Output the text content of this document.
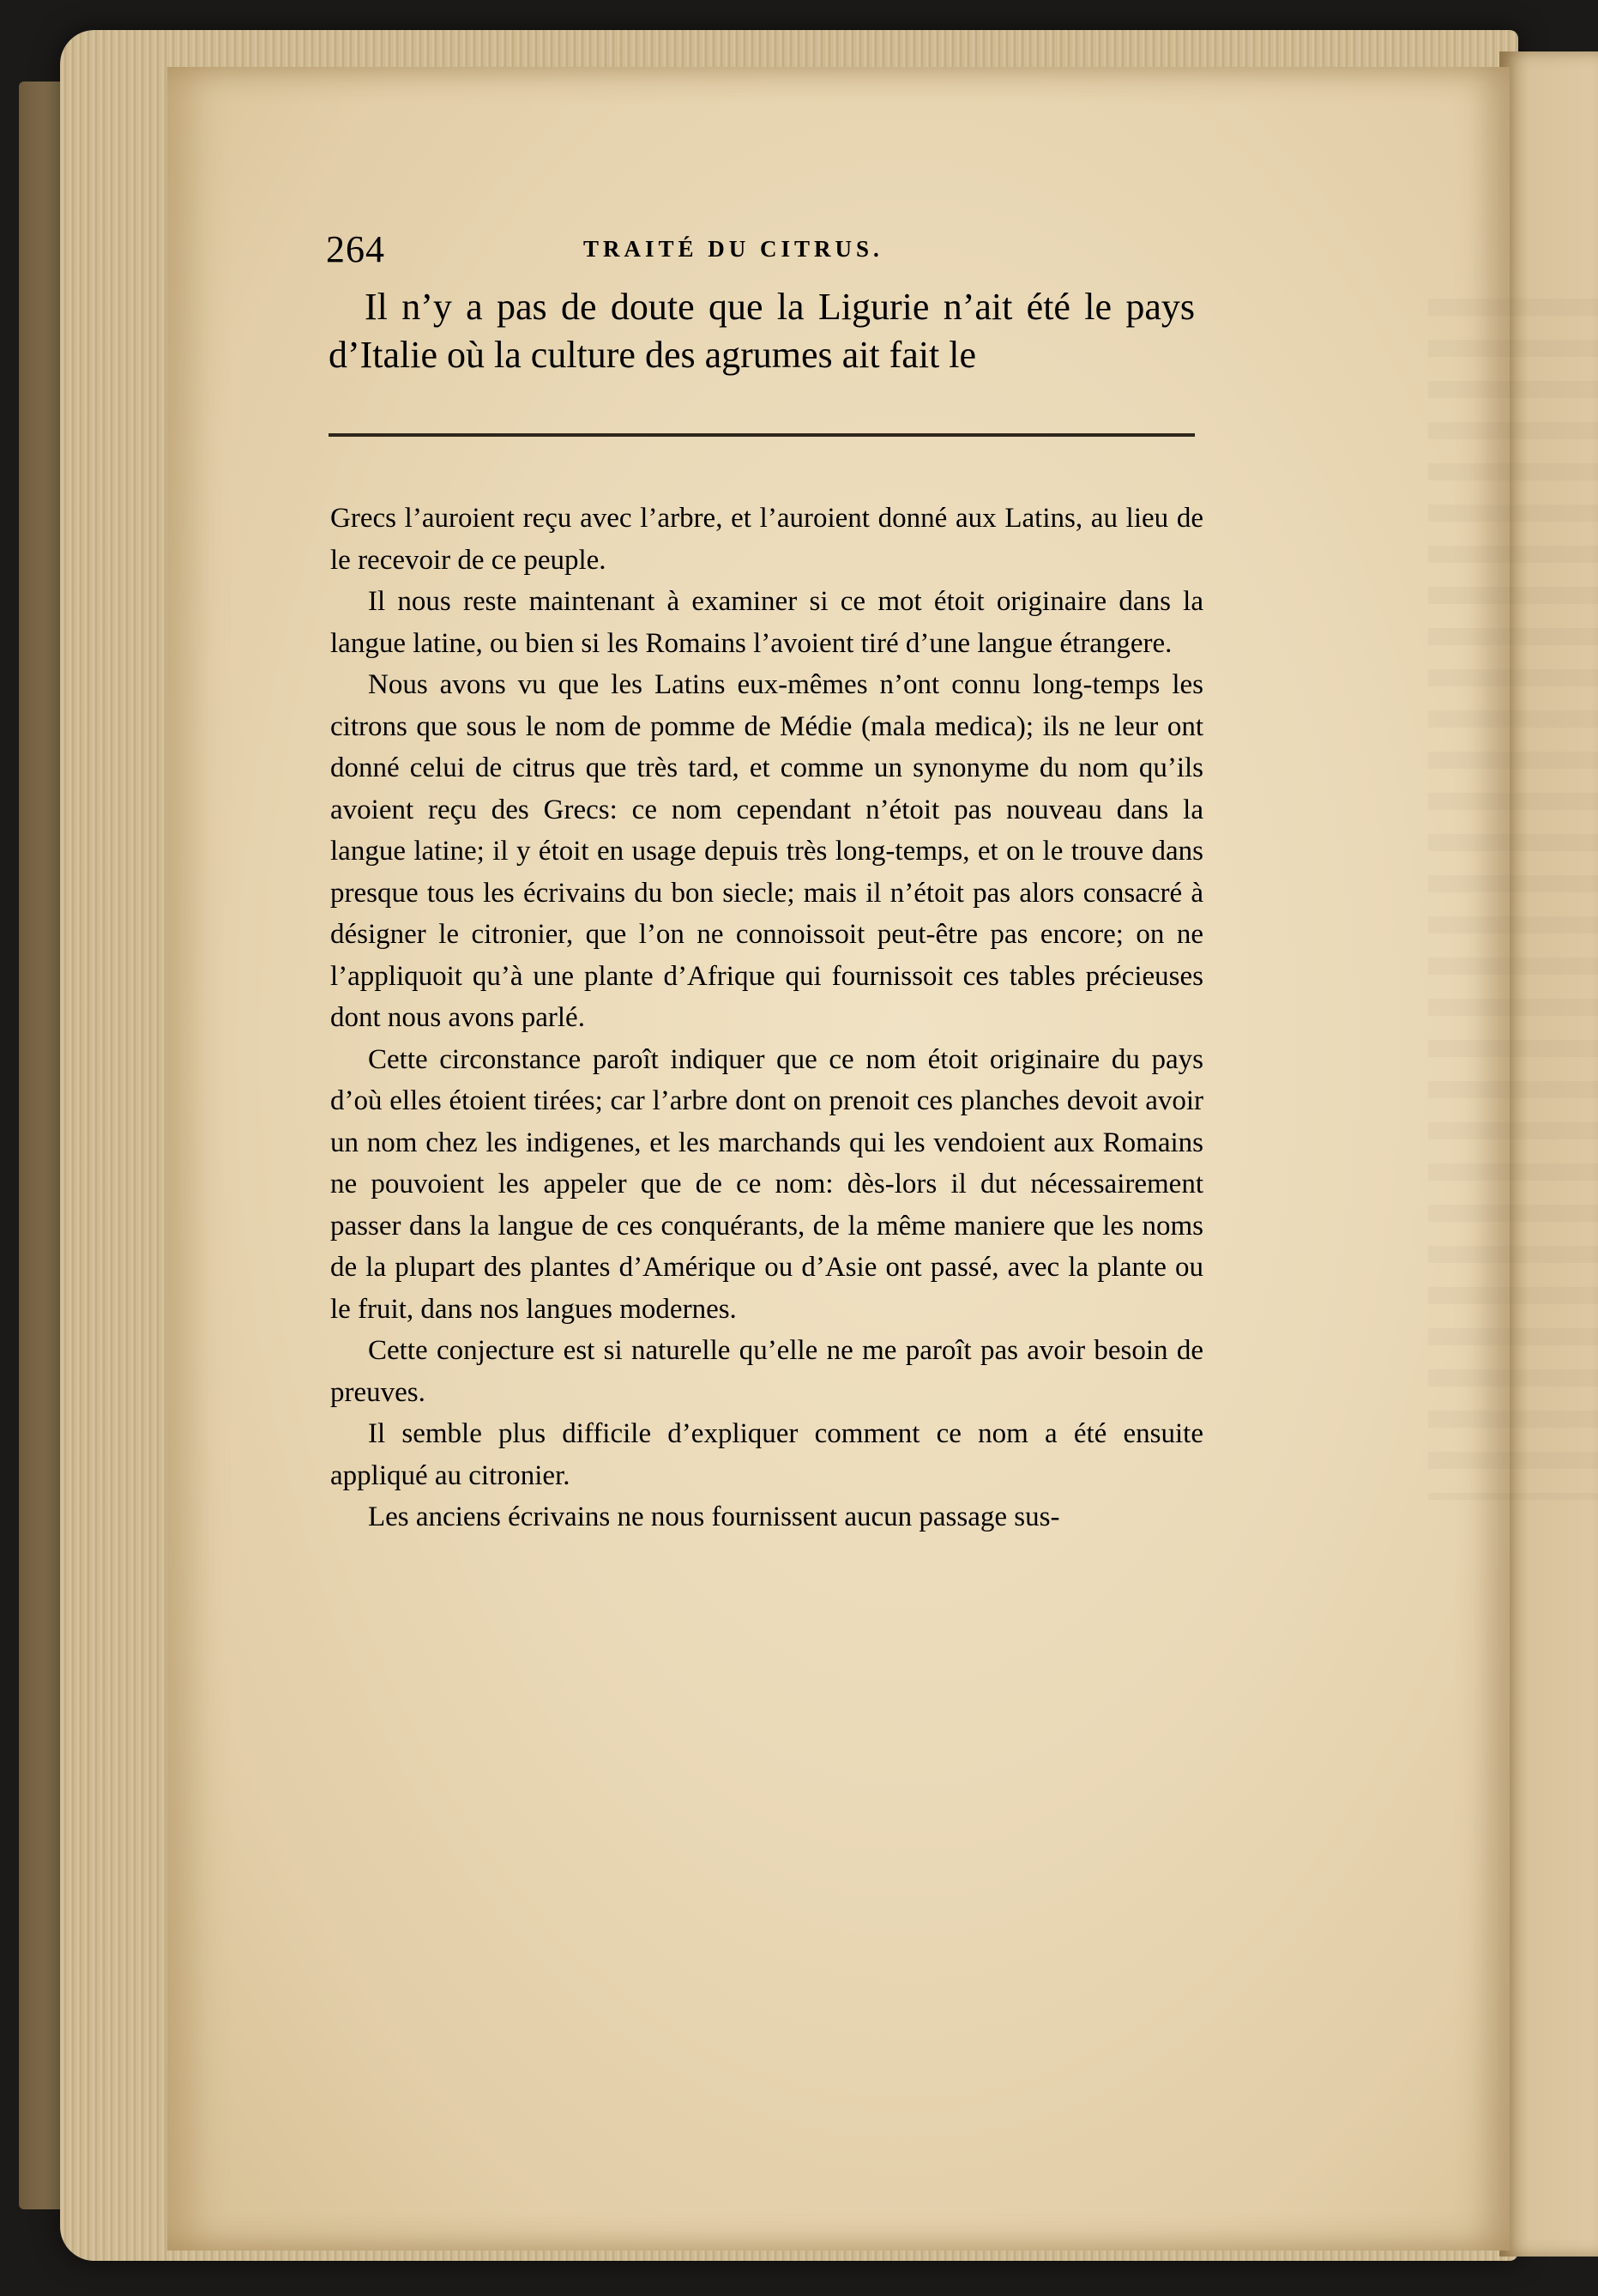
264	TRAITÉ DU CITRUS.

Il n’y a pas de doute que la Ligurie n’ait été le pays d’Italie où la culture des agrumes ait fait le

Grecs l’auroient reçu avec l’arbre, et l’auroient donné aux Latins, au lieu de le recevoir de ce peuple.

Il nous reste maintenant à examiner si ce mot étoit originaire dans la langue latine, ou bien si les Romains l’avoient tiré d’une langue étrangere.

Nous avons vu que les Latins eux-mêmes n’ont connu long-temps les citrons que sous le nom de pomme de Médie (mala medica); ils ne leur ont donné celui de citrus que très tard, et comme un synonyme du nom qu’ils avoient reçu des Grecs: ce nom cependant n’étoit pas nouveau dans la langue latine; il y étoit en usage depuis très long-temps, et on le trouve dans presque tous les écrivains du bon siecle; mais il n’étoit pas alors consacré à désigner le citronier, que l’on ne connoissoit peut-être pas encore; on ne l’appliquoit qu’à une plante d’Afrique qui fournissoit ces tables précieuses dont nous avons parlé.

Cette circonstance paroît indiquer que ce nom étoit originaire du pays d’où elles étoient tirées; car l’arbre dont on prenoit ces planches devoit avoir un nom chez les indigenes, et les marchands qui les vendoient aux Romains ne pouvoient les appeler que de ce nom: dès-lors il dut nécessairement passer dans la langue de ces conquérants, de la même maniere que les noms de la plupart des plantes d’Amérique ou d’Asie ont passé, avec la plante ou le fruit, dans nos langues modernes.

Cette conjecture est si naturelle qu’elle ne me paroît pas avoir besoin de preuves.

Il semble plus difficile d’expliquer comment ce nom a été ensuite appliqué au citronier.

Les anciens écrivains ne nous fournissent aucun passage sus-
